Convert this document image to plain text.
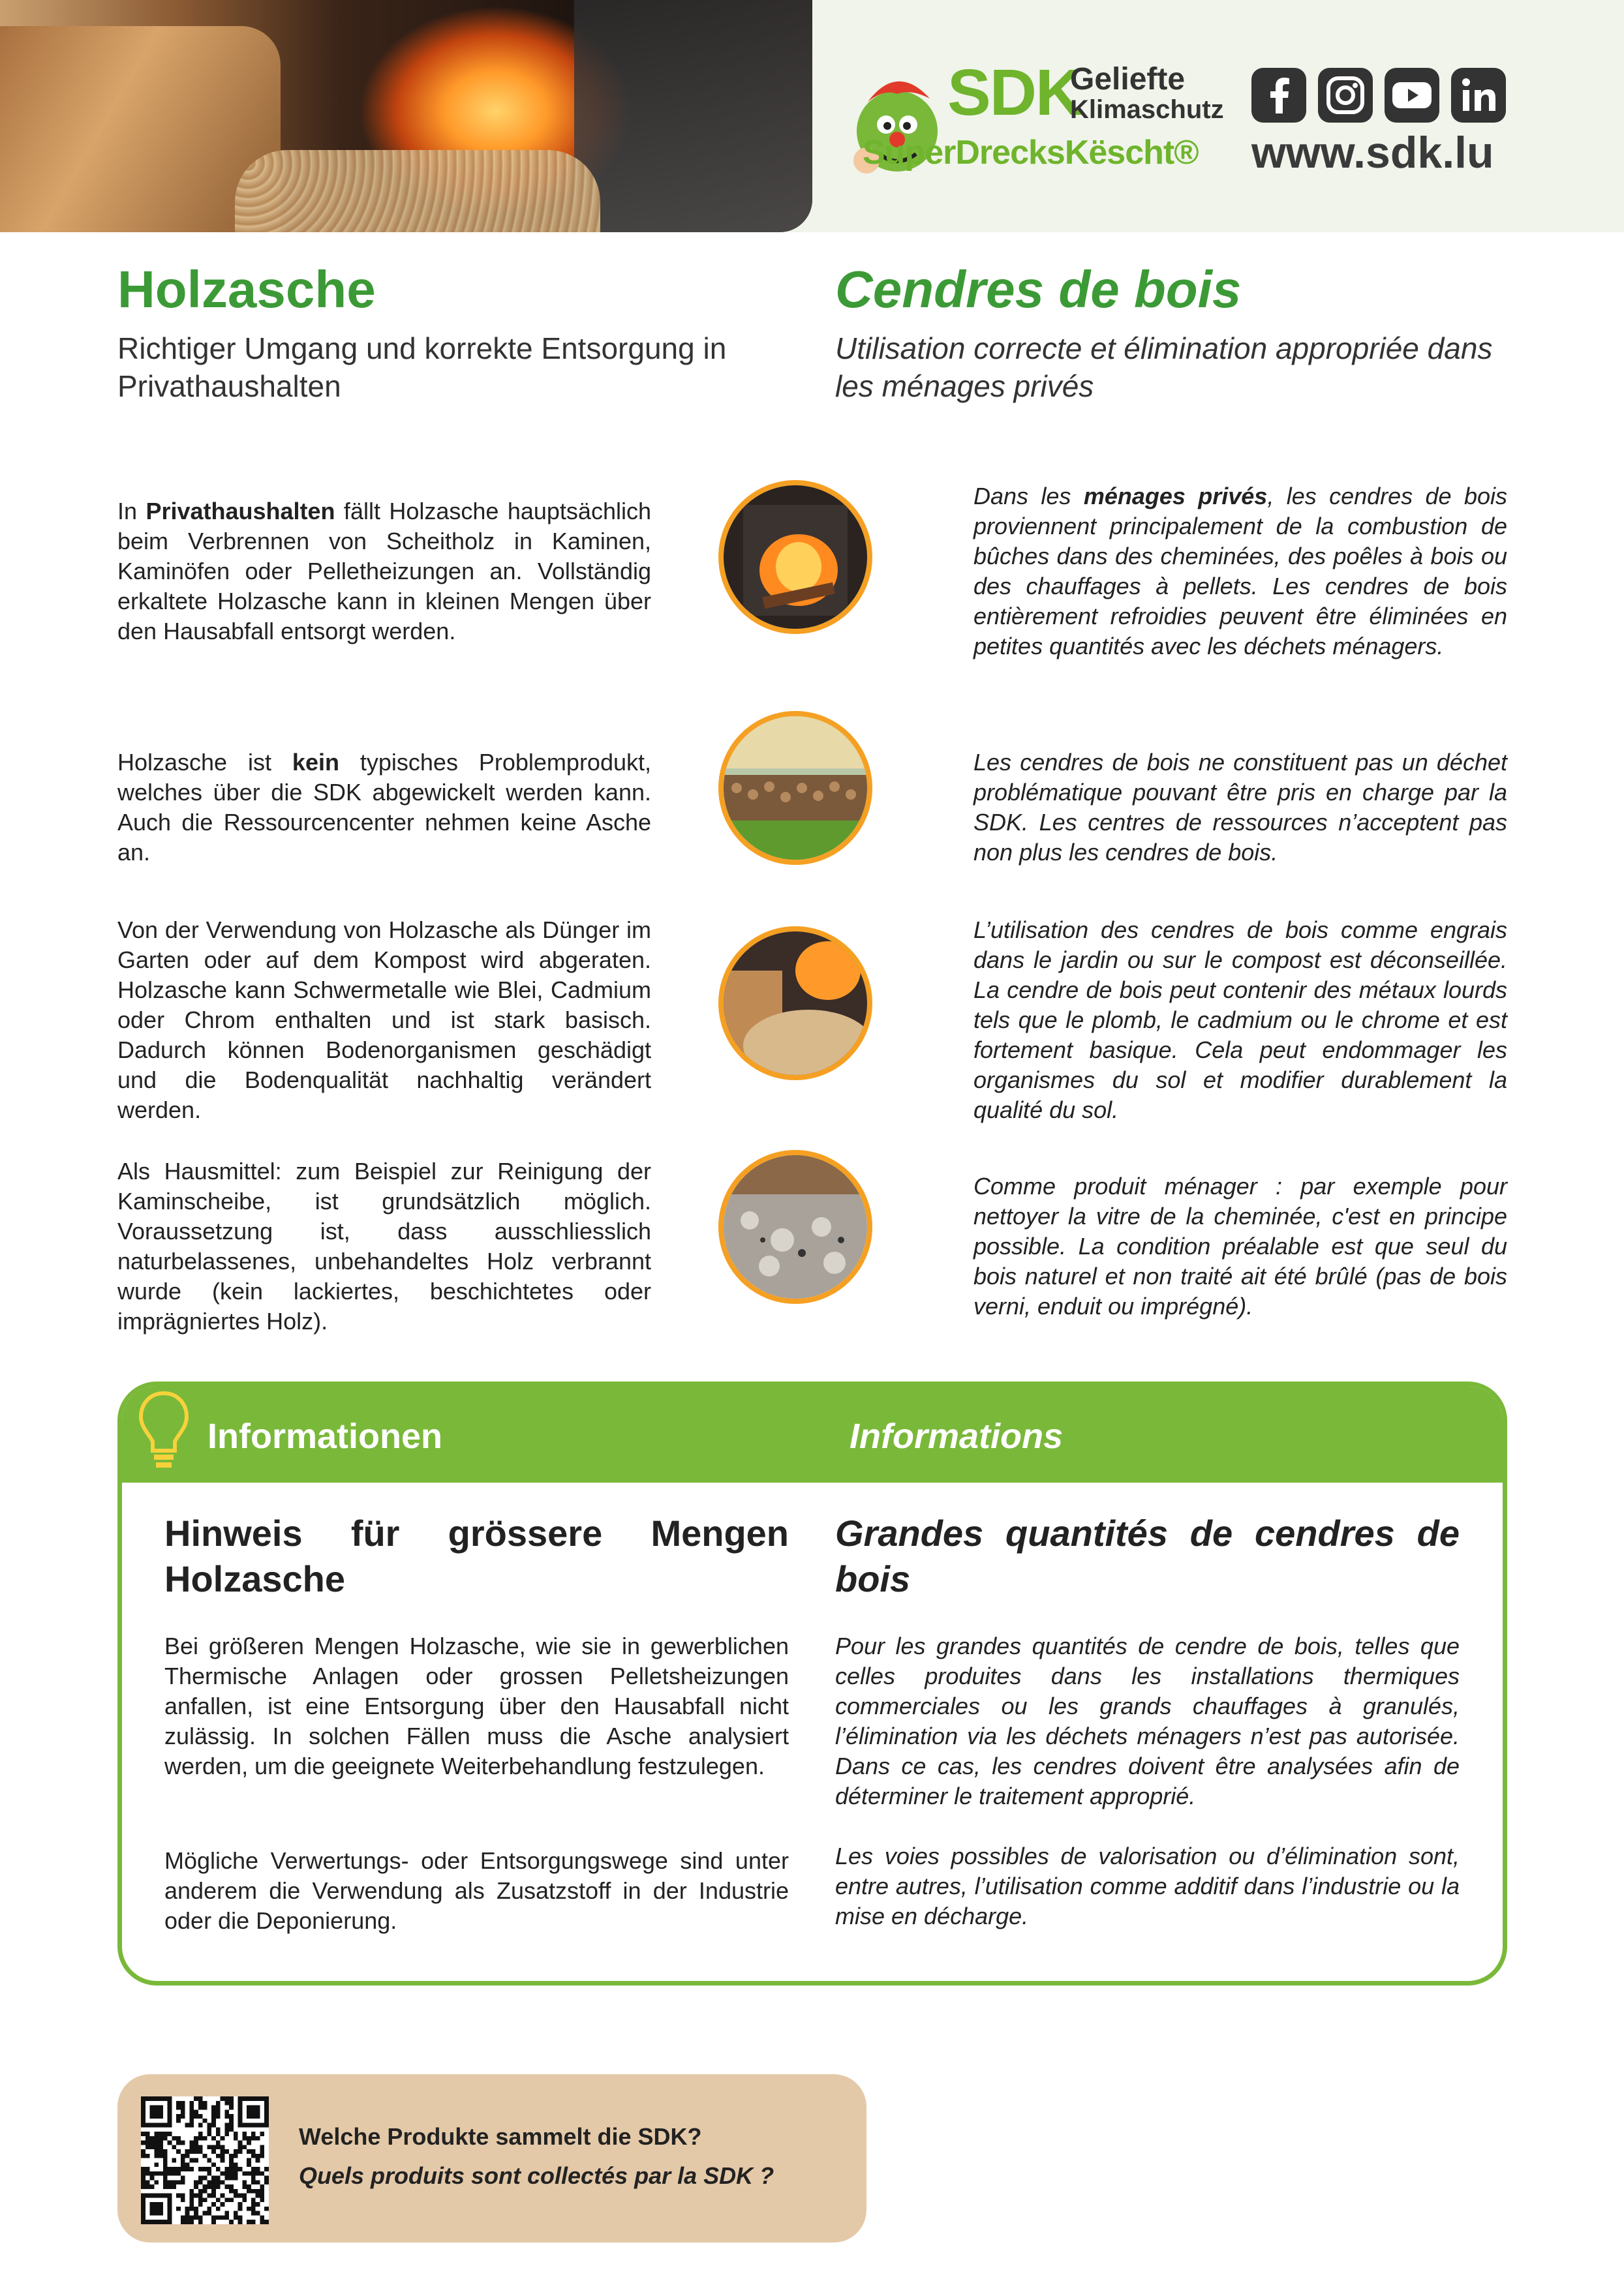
SDK
Geliefte
Klimaschutz
SuperDrecksKëscht® www.sdk.lu
Holzasche	Cendres de bois
Richtiger Umgang und korrekte Entsorgung in Privathaushalten
Utilisation correcte et élimination appropriée dans les ménages privés
In Privathaushalten fällt Holzasche hauptsächlich beim Verbrennen von Scheitholz in Kaminen, Kaminöfen oder Pelletheizungen an. Vollständig erkaltete Holzasche kann in kleinen Mengen über den Hausabfall entsorgt werden.
Holzasche ist kein typisches Problemprodukt, welches über die SDK abgewickelt werden kann. Auch die Ressourcencenter nehmen keine Asche an.
Von der Verwendung von Holzasche als Dünger im Garten oder auf dem Kompost wird abgeraten. Holzasche kann Schwermetalle wie Blei, Cadmium oder Chrom enthalten und ist stark basisch. Dadurch können Bodenorganismen geschädigt und die Bodenqualität nachhaltig verändert werden.
Als Hausmittel: zum Beispiel zur Reinigung der Kaminscheibe, ist grundsätzlich möglich. Voraussetzung ist, dass ausschliesslich naturbelassenes, unbehandeltes Holz verbrannt wurde (kein lackiertes, beschichtetes oder imprägniertes Holz).
Dans les ménages privés, les cendres de bois proviennent principalement de la combustion de bûches dans des cheminées, des poêles à bois ou des chauffages à pellets. Les cendres de bois entièrement refroidies peuvent être éliminées en petites quantités avec les déchets ménagers.
Les cendres de bois ne constituent pas un déchet problématique pouvant être pris en charge par la SDK. Les centres de ressources n’acceptent pas non plus les cendres de bois.
L’utilisation des cendres de bois comme engrais dans le jardin ou sur le compost est déconseillée. La cendre de bois peut contenir des métaux lourds tels que le plomb, le cadmium ou le chrome et est fortement basique. Cela peut endommager les organismes du sol et modifier durablement la qualité du sol.
Comme produit ménager : par exemple pour nettoyer la vitre de la cheminée, c'est en principe possible. La condition préalable est que seul du bois naturel et non traité ait été brûlé (pas de bois verni, enduit ou imprégné).
Informationen	Informations
Hinweis für grössere Mengen Holzasche
Grandes quantités de cendres de bois
Bei größeren Mengen Holzasche, wie sie in gewerblichen Thermische Anlagen oder grossen Pelletsheizungen anfallen, ist eine Entsorgung über den Hausabfall nicht zulässig. In solchen Fällen muss die Asche analysiert werden, um die geeignete Weiterbehandlung festzulegen.
Mögliche Verwertungs- oder Entsorgungswege sind unter anderem die Verwendung als Zusatzstoff in der Industrie oder die Deponierung.
Pour les grandes quantités de cendre de bois, telles que celles produites dans les installations thermiques commerciales ou les grands chauffages à granulés, l’élimination via les déchets ménagers n’est pas autorisée. Dans ce cas, les cendres doivent être analysées afin de déterminer le traitement approprié.
Les voies possibles de valorisation ou d’élimination sont, entre autres, l’utilisation comme additif dans l’industrie ou la mise en décharge.
Welche Produkte sammelt die SDK?
Quels produits sont collectés par la SDK ?
